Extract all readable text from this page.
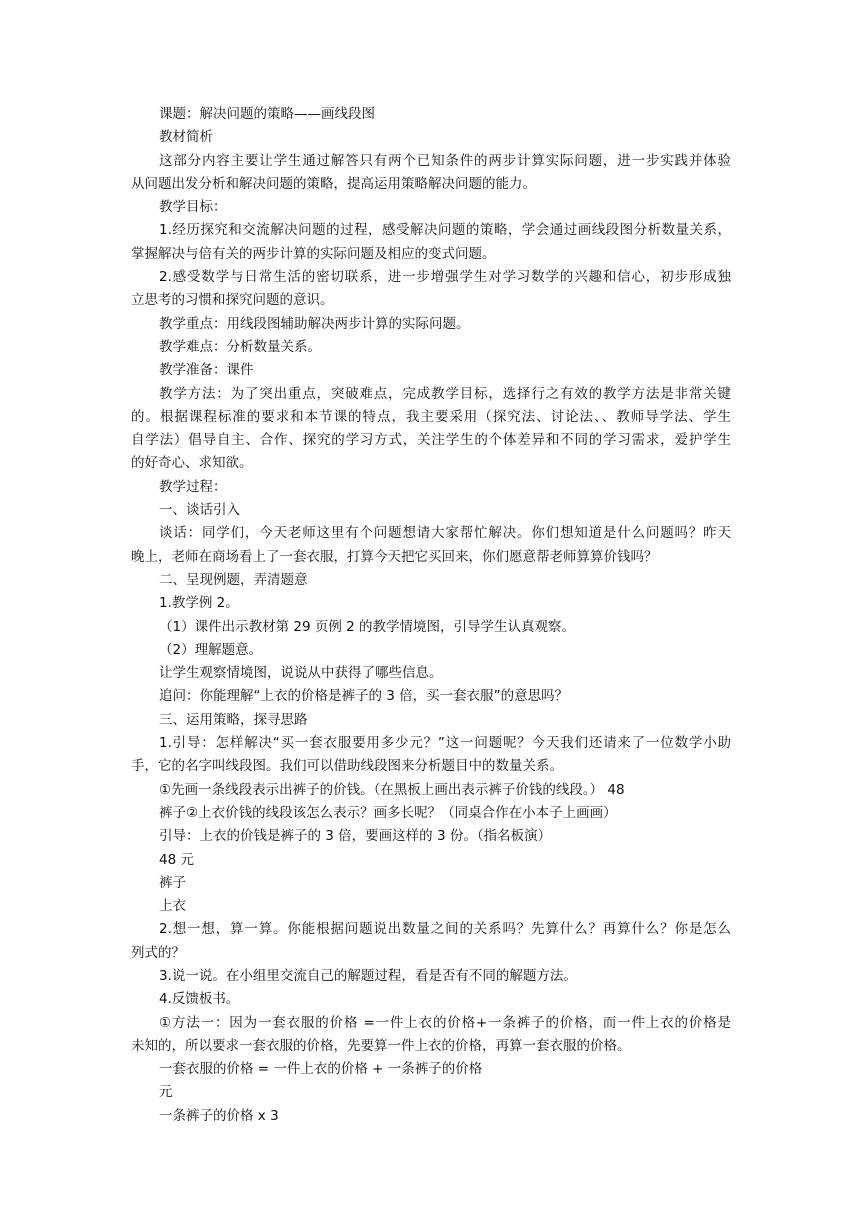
课题：解决问题的策略——画线段图
教材简析
这部分内容主要让学生通过解答只有两个已知条件的两步计算实际问题，进一步实践并体验
从问题出发分析和解决问题的策略，提高运用策略解决问题的能力。
教学目标：
1.经历探究和交流解决问题的过程，感受解决问题的策略，学会通过画线段图分析数量关系，
掌握解决与倍有关的两步计算的实际问题及相应的变式问题。
2.感受数学与日常生活的密切联系，进一步增强学生对学习数学的兴趣和信心，初步形成独
立思考的习惯和探究问题的意识。
教学重点：用线段图辅助解决两步计算的实际问题。
教学难点：分析数量关系。
教学准备：课件
教学方法：为了突出重点，突破难点，完成教学目标，选择行之有效的教学方法是非常关键
的。根据课程标准的要求和本节课的特点，我主要采用（探究法、讨论法、、教师导学法、学生
自学法）倡导自主、合作、探究的学习方式，关注学生的个体差异和不同的学习需求，爱护学生
的好奇心、求知欲。
教学过程：
一、谈话引入
谈话：同学们，今天老师这里有个问题想请大家帮忙解决。你们想知道是什么问题吗？昨天
晚上，老师在商场看上了一套衣服，打算今天把它买回来，你们愿意帮老师算算价钱吗？
二、呈现例题，弄清题意
1.教学例 2。
（1）课件出示教材第 29 页例 2 的教学情境图，引导学生认真观察。
（2）理解题意。
让学生观察情境图，说说从中获得了哪些信息。
追问：你能理解“上衣的价格是裤子的 3 倍，买一套衣服”的意思吗？
三、运用策略，探寻思路
1.引导：怎样解决“买一套衣服要用多少元？”这一问题呢？今天我们还请来了一位数学小助
手，它的名字叫线段图。我们可以借助线段图来分析题目中的数量关系。
①先画一条线段表示出裤子的价钱。（在黑板上画出表示裤子价钱的线段。） 48
裤子②上衣价钱的线段该怎么表示？画多长呢？（同桌合作在小本子上画画）
引导：上衣的价钱是裤子的 3 倍，要画这样的 3 份。（指名板演）
48 元
裤子
上衣
2.想一想，算一算。你能根据问题说出数量之间的关系吗？先算什么？再算什么？你是怎么
列式的？
3.说一说。在小组里交流自己的解题过程，看是否有不同的解题方法。
4.反馈板书。
①方法一：因为一套衣服的价格 =一件上衣的价格+一条裤子的价格，而一件上衣的价格是
未知的，所以要求一套衣服的价格，先要算一件上衣的价格，再算一套衣服的价格。
一套衣服的价格 = 一件上衣的价格 + 一条裤子的价格
元
一条裤子的价格 x 3
